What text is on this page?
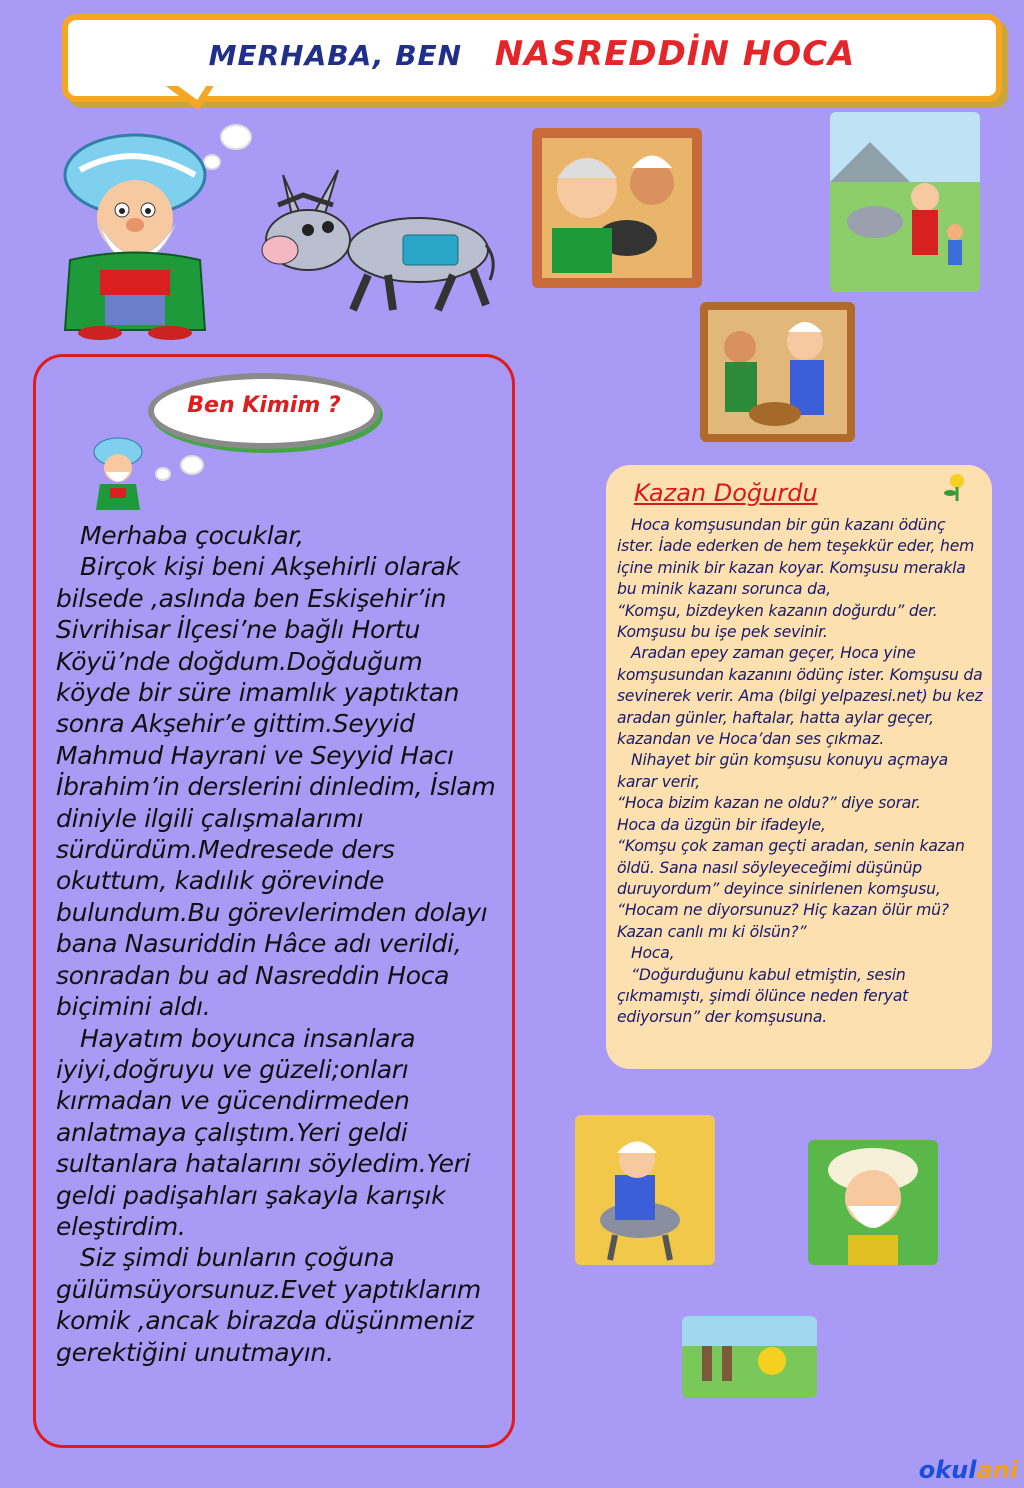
MERHABA, BEN NASREDDİN HOCA
Ben Kimim ?

Merhaba çocuklar,

Birçok kişi beni Akşehirli olarak bilsede ,aslında ben Eskişehir’in Sivrihisar İlçesi’ne bağlı Hortu Köyü’nde doğdum.Doğduğum köyde bir süre imamlık yaptıktan sonra Akşehir’e gittim.Seyyid Mahmud Hayrani ve Seyyid Hacı İbrahim’in derslerini dinledim, İslam diniyle ilgili çalışmalarımı sürdürdüm.Medresede ders okuttum, kadılık görevinde bulundum.Bu görevlerimden dolayı bana Nasuriddin Hâce adı verildi, sonradan bu ad Nasreddin Hoca biçimini aldı.

Hayatım boyunca insanlara iyiyi,doğruyu ve güzeli;onları kırmadan ve gücendirmeden anlatmaya çalıştım.Yeri geldi sultanlara hatalarını söyledim.Yeri geldi padişahları şakayla karışık eleştirdim.

Siz şimdi bunların çoğuna gülümsüyorsunuz.Evet yaptıklarım komik ,ancak birazda düşünmeniz gerektiğini unutmayın.

Kazan Doğurdu

Hoca komşusundan bir gün kazanı ödünç ister. İade ederken de hem teşekkür eder, hem içine minik bir kazan koyar. Komşusu merakla bu minik kazanı sorunca da,

“Komşu, bizdeyken kazanın doğurdu” der. Komşusu bu işe pek sevinir.

Aradan epey zaman geçer, Hoca yine komşusundan kazanını ödünç ister. Komşusu da sevinerek verir. Ama (bilgi yelpazesi.net) bu kez aradan günler, haftalar, hatta aylar geçer, kazandan ve Hoca’dan ses çıkmaz.

Nihayet bir gün komşusu konuyu açmaya karar verir,

“Hoca bizim kazan ne oldu?” diye sorar.

Hoca da üzgün bir ifadeyle,

“Komşu çok zaman geçti aradan, senin kazan öldü. Sana nasıl söyleyeceğimi düşünüp duruyordum” deyince sinirlenen komşusu,

“Hocam ne diyorsunuz? Hiç kazan ölür mü? Kazan canlı mı ki ölsün?”

Hoca,

“Doğurduğunu kabul etmiştin, sesin çıkmamıştı, şimdi ölünce neden feryat ediyorsun” der komşusuna.

okulani
